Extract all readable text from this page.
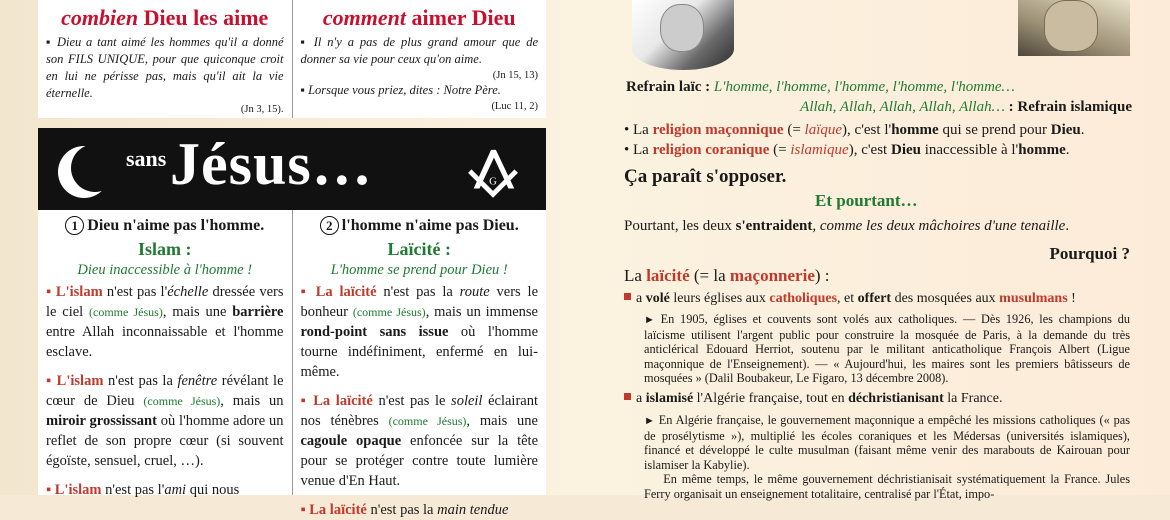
combien Dieu les aime

▪ Dieu a tant aimé les hommes qu'il a donné son FILS UNIQUE, pour que quiconque croit en lui ne périsse pas, mais qu'il ait la vie éternelle.

(Jn 3, 15).
comment aimer Dieu

▪ Il n'y a pas de plus grand amour que de donner sa vie pour ceux qu'on aime.

(Jn 15, 13)

▪ Lorsque vous priez, dites : Notre Père.

(Luc 11, 2)
sans Jésus…	G
1 Dieu n'aime pas l'homme.
Islam :
Dieu inaccessible à l'homme !

▪ L'islam n'est pas l'échelle dressée vers le ciel (comme Jésus), mais une barrière entre Allah inconnaissable et l'homme esclave.

▪ L'islam n'est pas la fenêtre révélant le cœur de Dieu (comme Jésus), mais un miroir grossissant où l'homme adore un reflet de son propre cœur (si souvent égoïste, sensuel, cruel, …).

▪ L'islam n'est pas l'ami qui nous

2 l'homme n'aime pas Dieu.
Laïcité :
L'homme se prend pour Dieu !

▪ La laïcité n'est pas la route vers le bonheur (comme Jésus), mais un immense rond-point sans issue où l'homme tourne indéfiniment, enfermé en lui-même.

▪ La laïcité n'est pas le soleil éclairant nos ténèbres (comme Jésus), mais une cagoule opaque enfoncée sur la tête pour se protéger contre toute lumière venue d'En Haut.

▪ La laïcité n'est pas la main tendue

Refrain laïc : L'homme, l'homme, l'homme, l'homme, l'homme…
Allah, Allah, Allah, Allah, Allah… : Refrain islamique
• La religion maçonnique (= laïque), c'est l'homme qui se prend pour Dieu.
• La religion coranique (= islamique), c'est Dieu inaccessible à l'homme.
Ça paraît s'opposer.
Et pourtant…
Pourtant, les deux s'entraident, comme les deux mâchoires d'une tenaille.
Pourquoi ?
La laïcité (= la maçonnerie) :
a volé leurs églises aux catholiques, et offert des mosquées aux musulmans !
► En 1905, églises et couvents sont volés aux catholiques. — Dès 1926, les champions du laïcisme utilisent l'argent public pour construire la mosquée de Paris, à la demande du très anticlérical Edouard Herriot, soutenu par le militant anticatholique François Albert (Ligue maçonnique de l'Enseignement). — « Aujourd'hui, les maires sont les premiers bâtisseurs de mosquées » (Dalil Boubakeur, Le Figaro, 13 décembre 2008).
a islamisé l'Algérie française, tout en déchristianisant la France.
► En Algérie française, le gouvernement maçonnique a empêché les missions catholiques (« pas de prosélytisme »), multiplié les écoles coraniques et les Médersas (universités islamiques), financé et développé le culte musulman (faisant même venir des marabouts de Kairouan pour islamiser la Kabylie).
En même temps, le même gouvernement déchristianisait systématiquement la France. Jules Ferry organisait un enseignement totalitaire, centralisé par l'État, impo-
